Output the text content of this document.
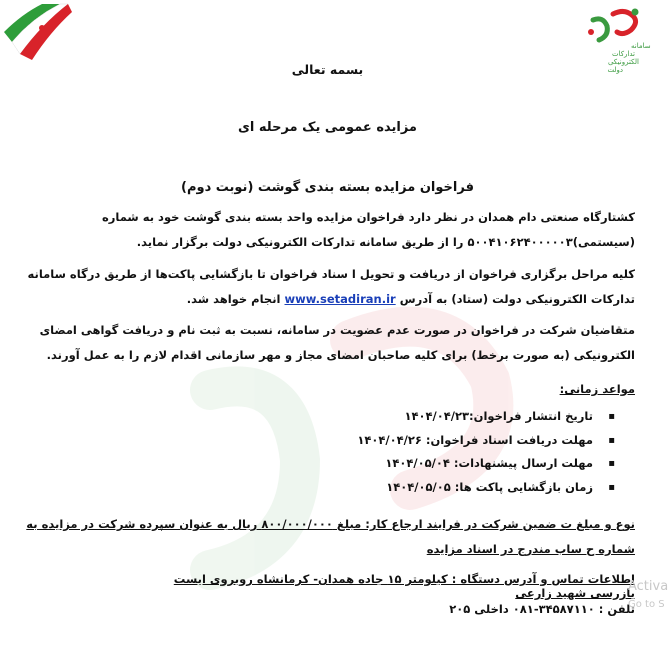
سامانه
تدارکات
الکترونیکی
دولت
بسمه تعالی
مزایده عمومی یک مرحله ای
فراخوان مزایده بسته بندی گوشت (نوبت دوم)
کشتارگاه صنعتی دام همدان در نظر دارد فراخوان مزایده واحد بسته بندی گوشت خود به شماره (سیستمی)۵۰۰۴۱۰۶۲۴۰۰۰۰۰۳ را از طریق سامانه تدارکات الکترونیکی دولت برگزار نماید.
کلیه مراحل برگزاری فراخوان از دریافت و تحویل ا سناد فراخوان تا بازگشایی پاکت‌ها از طریق درگاه سامانه تدارکات الکترونیکی دولت (ستاد) به آدرس www.setadiran.ir انجام خواهد شد.
متقاضیان شرکت در فراخوان در صورت عدم عضویت در سامانه، نسبت به ثبت نام و دریافت گواهی امضای الکترونیکی (به صورت برخط) برای کلیه صاحبان امضای مجاز و مهر سازمانی اقدام لازم را به عمل آورند.
مواعد زمانی:
▪ تاریخ انتشار فراخوان:۱۴۰۴/۰۴/۲۳
▪ مهلت دریافت اسناد فراخوان: ۱۴۰۴/۰۴/۲۶
▪ مهلت ارسال پیشنهادات: ۱۴۰۴/۰۵/۰۴
▪ زمان بازگشایی پاکت ها: ۱۴۰۴/۰۵/۰۵
نوع و مبلغ ت ضمین شرکت در فرایند ارجاع کار: مبلغ ۸۰۰/۰۰۰/۰۰۰ ریال به عنوان سپرده شرکت در مزایده به شماره ح ساب مندرج در اسناد مزایده
اطلاعات تماس و آدرس دستگاه : کیلومتر ۱۵ جاده همدان- کرمانشاه روبروی ایست بازرسی شهید زارعی
تلفن : ۳۴۵۸۷۱۱۰-۰۸۱ داخلی ۲۰۵
Activa
Go to S
